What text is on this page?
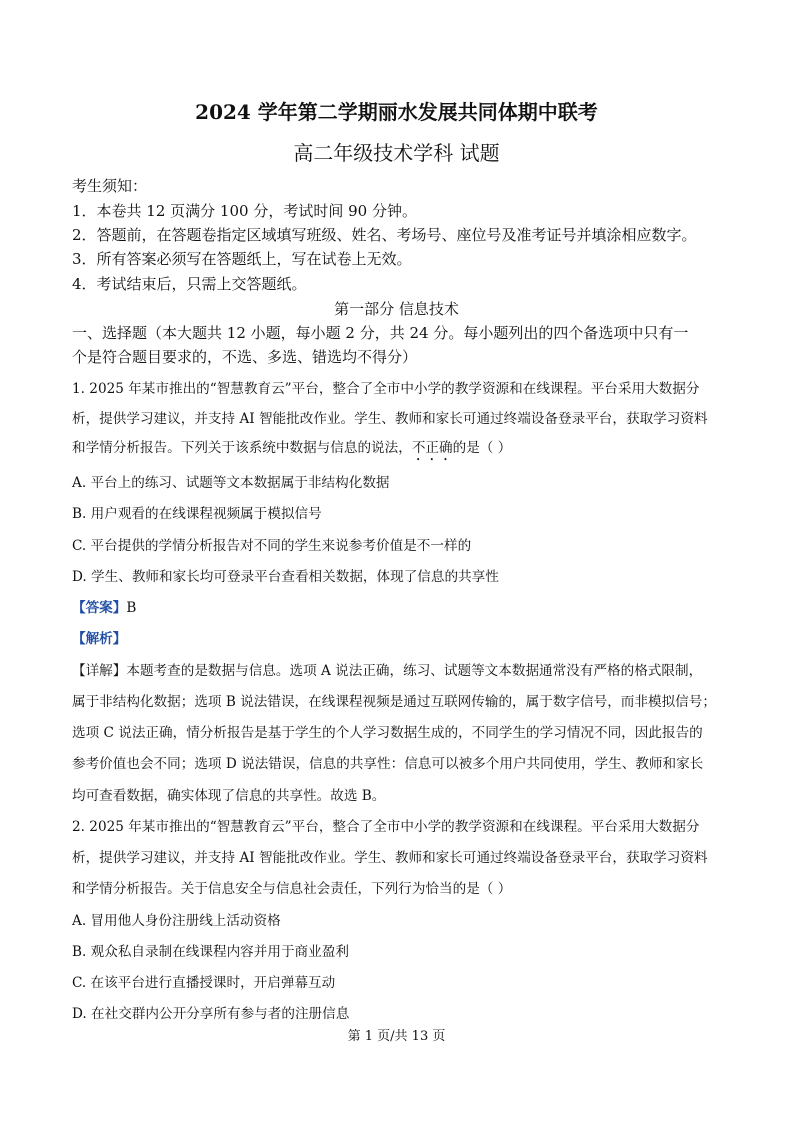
2024 学年第二学期丽水发展共同体期中联考
高二年级技术学科 试题
考生须知：
1．本卷共 12 页满分 100 分，考试时间 90 分钟。
2．答题前，在答题卷指定区域填写班级、姓名、考场号、座位号及准考证号并填涂相应数字。
3．所有答案必须写在答题纸上，写在试卷上无效。
4．考试结束后，只需上交答题纸。
第一部分 信息技术
一、选择题（本大题共 12 小题，每小题 2 分，共 24 分。每小题列出的四个备选项中只有一
个是符合题目要求的，不选、多选、错选均不得分）
1. 2025 年某市推出的“智慧教育云”平台，整合了全市中小学的教学资源和在线课程。平台采用大数据分
析，提供学习建议，并支持 AI 智能批改作业。学生、教师和家长可通过终端设备登录平台，获取学习资料
和学情分析报告。下列关于该系统中数据与信息的说法，不正确的是（ ）
A. 平台上的练习、试题等文本数据属于非结构化数据
B. 用户观看的在线课程视频属于模拟信号
C. 平台提供的学情分析报告对不同的学生来说参考价值是不一样的
D. 学生、教师和家长均可登录平台查看相关数据，体现了信息的共享性
【答案】B
【解析】
【详解】本题考查的是数据与信息。选项 A 说法正确，练习、试题等文本数据通常没有严格的格式限制，
属于非结构化数据；选项 B 说法错误，在线课程视频是通过互联网传输的，属于数字信号，而非模拟信号；
选项 C 说法正确，情分析报告是基于学生的个人学习数据生成的，不同学生的学习情况不同，因此报告的
参考价值也会不同；选项 D 说法错误，信息的共享性：信息可以被多个用户共同使用，学生、教师和家长
均可查看数据，确实体现了信息的共享性。故选 B。
2. 2025 年某市推出的“智慧教育云”平台，整合了全市中小学的教学资源和在线课程。平台采用大数据分
析，提供学习建议，并支持 AI 智能批改作业。学生、教师和家长可通过终端设备登录平台，获取学习资料
和学情分析报告。关于信息安全与信息社会责任，下列行为恰当的是（ ）
A. 冒用他人身份注册线上活动资格
B. 观众私自录制在线课程内容并用于商业盈利
C. 在该平台进行直播授课时，开启弹幕互动
D. 在社交群内公开分享所有参与者的注册信息
第 1 页/共 13 页
